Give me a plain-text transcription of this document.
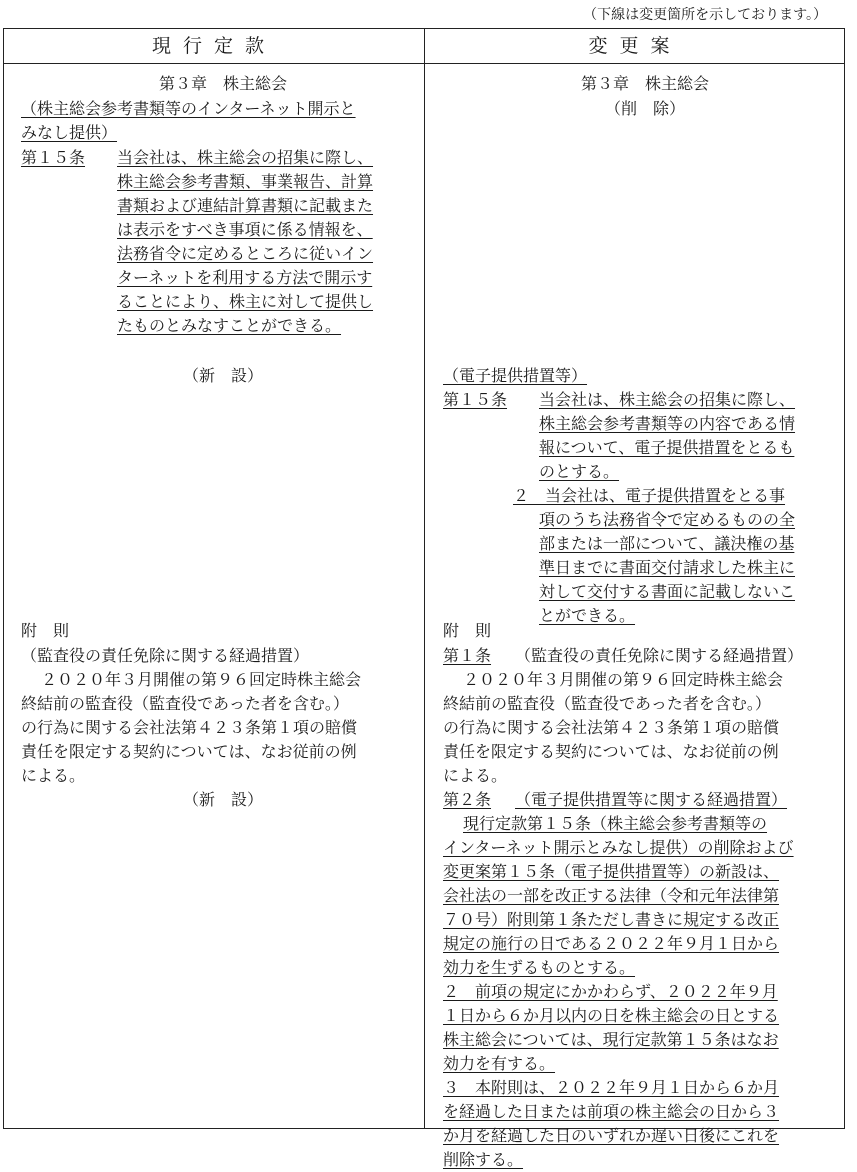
（下線は変更箇所を示しております。）
現行定款	変更案
第３章　株主総会
（株主総会参考書類等のインターネット開示と
みなし提供）
第１５条 当会社は、株主総会の招集に際し、
株主総会参考書類、事業報告、計算
書類および連結計算書類に記載また
は表示をすべき事項に係る情報を、
法務省令に定めるところに従いイン
ターネットを利用する方法で開示す
ることにより、株主に対して提供し
たものとみなすことができる。
（新　設）
附　則
（監査役の責任免除に関する経過措置）
２０２０年３月開催の第９６回定時株主総会
終結前の監査役（監査役であった者を含む。）
の行為に関する会社法第４２３条第１項の賠償
責任を限定する契約については、なお従前の例
による。
（新　設）
第３章　株主総会
（削　除）
（電子提供措置等）
第１５条 当会社は、株主総会の招集に際し、
株主総会参考書類等の内容である情
報について、電子提供措置をとるも
のとする。
２　当会社は、電子提供措置をとる事
項のうち法務省令で定めるものの全
部または一部について、議決権の基
準日までに書面交付請求した株主に
対して交付する書面に記載しないこ
とができる。
附　則
第１条 （監査役の責任免除に関する経過措置）
２０２０年３月開催の第９６回定時株主総会
終結前の監査役（監査役であった者を含む。）
の行為に関する会社法第４２３条第１項の賠償
責任を限定する契約については、なお従前の例
による。
第２条 （電子提供措置等に関する経過措置）
現行定款第１５条（株主総会参考書類等の
インターネット開示とみなし提供）の削除および
変更案第１５条（電子提供措置等）の新設は、
会社法の一部を改正する法律（令和元年法律第
７０号）附則第１条ただし書きに規定する改正
規定の施行の日である２０２２年９月１日から
効力を生ずるものとする。
２　前項の規定にかかわらず、２０２２年９月
１日から６か月以内の日を株主総会の日とする
株主総会については、現行定款第１５条はなお
効力を有する。
３　本附則は、２０２２年９月１日から６か月
を経過した日または前項の株主総会の日から３
か月を経過した日のいずれか遅い日後にこれを
削除する。
